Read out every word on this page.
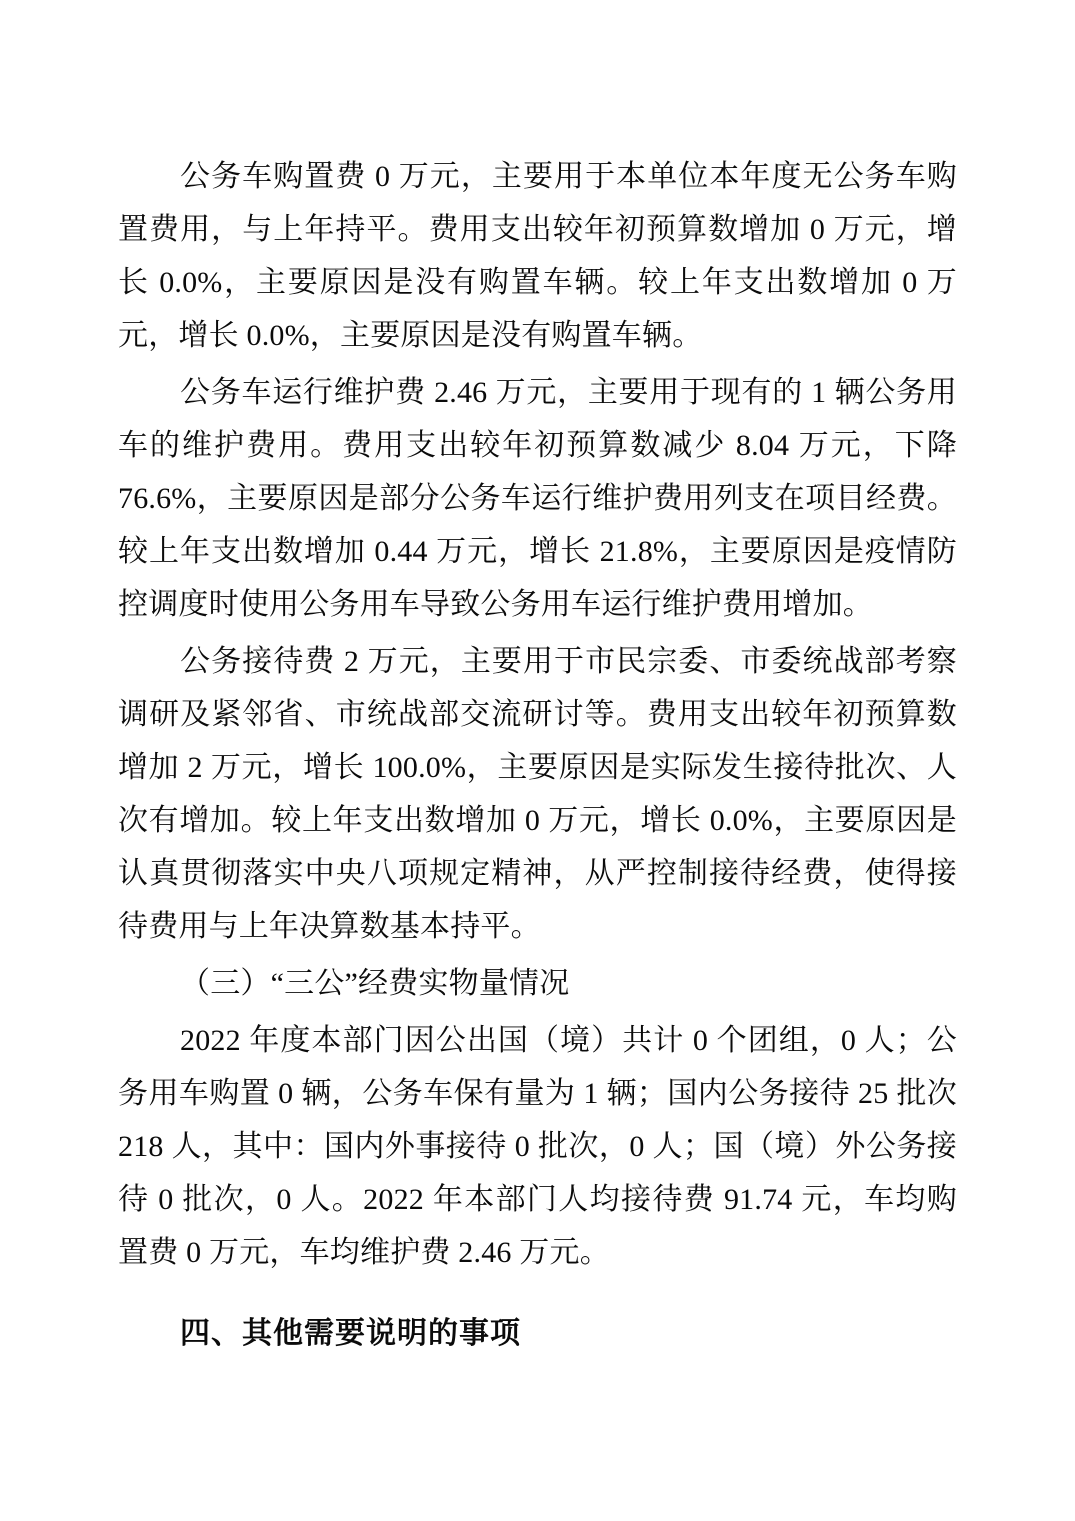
公务车购置费 0 万元，主要用于本单位本年度无公务车购置费用，与上年持平。费用支出较年初预算数增加 0 万元，增长 0.0%，主要原因是没有购置车辆。较上年支出数增加 0 万元，增长 0.0%，主要原因是没有购置车辆。

公务车运行维护费 2.46 万元，主要用于现有的 1 辆公务用车的维护费用。费用支出较年初预算数减少 8.04 万元，下降 76.6%，主要原因是部分公务车运行维护费用列支在项目经费。较上年支出数增加 0.44 万元，增长 21.8%，主要原因是疫情防控调度时使用公务用车导致公务用车运行维护费用增加。

公务接待费 2 万元，主要用于市民宗委、市委统战部考察调研及紧邻省、市统战部交流研讨等。费用支出较年初预算数增加 2 万元，增长 100.0%，主要原因是实际发生接待批次、人次有增加。较上年支出数增加 0 万元，增长 0.0%，主要原因是认真贯彻落实中央八项规定精神，从严控制接待经费，使得接待费用与上年决算数基本持平。

（三）“三公”经费实物量情况

2022 年度本部门因公出国（境）共计 0 个团组，0 人；公务用车购置 0 辆，公务车保有量为 1 辆；国内公务接待 25 批次 218 人，其中：国内外事接待 0 批次，0 人；国（境）外公务接待 0 批次，0 人。2022 年本部门人均接待费 91.74 元，车均购置费 0 万元，车均维护费 2.46 万元。

四、其他需要说明的事项
